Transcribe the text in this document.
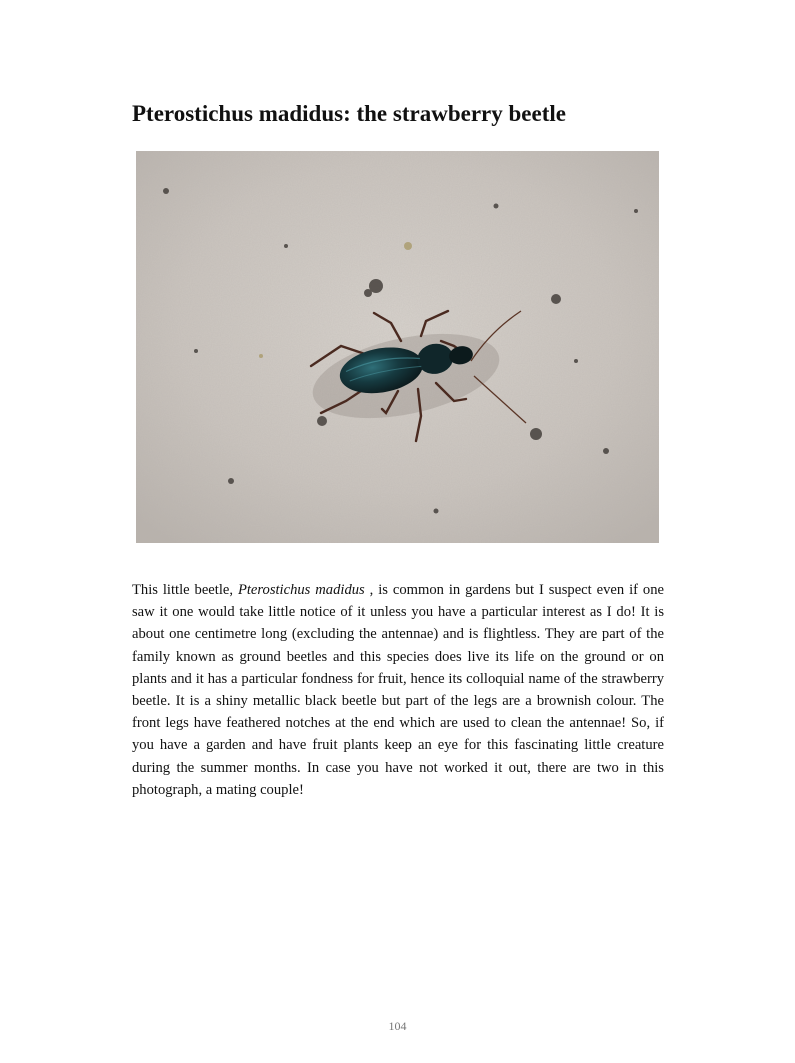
Pterostichus madidus: the strawberry beetle

This little beetle, Pterostichus madidus , is common in gardens but I suspect even if one saw it one would take little notice of it unless you have a particular interest as I do! It is about one centimetre long (excluding the antennae) and is flightless. They are part of the family known as ground beetles and this species does live its life on the ground or on plants and it has a particular fondness for fruit, hence its colloquial name of the strawberry beetle. It is a shiny metallic black beetle but part of the legs are a brownish colour. The front legs have feathered notches at the end which are used to clean the antennae! So, if you have a garden and have fruit plants keep an eye for this fascinating little creature during the summer months. In case you have not worked it out, there are two in this photograph, a mating couple!

104
